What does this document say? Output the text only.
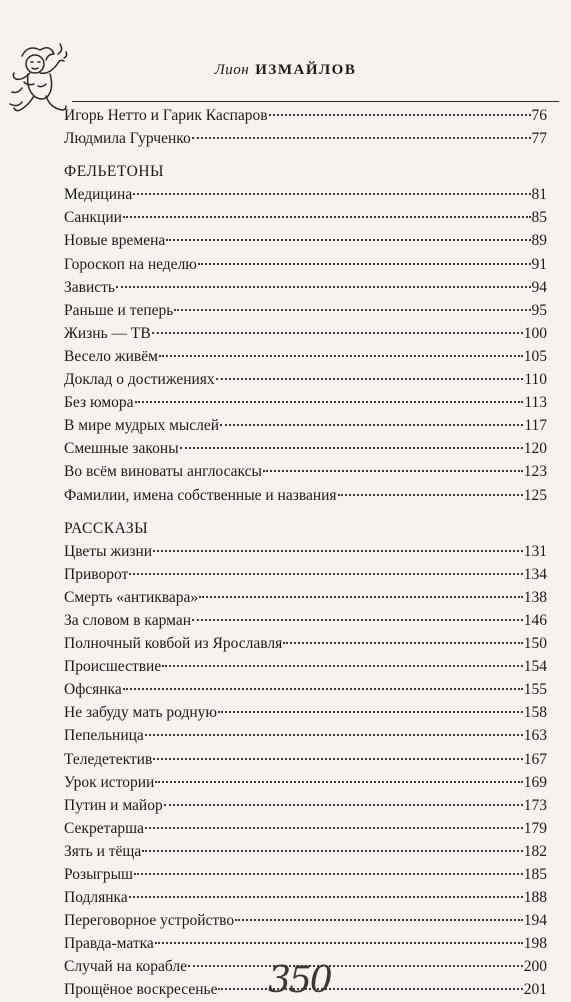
Лион ИЗМАЙЛОВ
Игорь Нетто и Гарик Каспаров	76
Людмила Гурченко	77
ФЕЛЬЕТОНЫ
Медицина	81
Санкции	85
Новые времена	89
Гороскоп на неделю	91
Зависть	94
Раньше и теперь	95
Жизнь — ТВ	100
Весело живём	105
Доклад о достижениях	110
Без юмора	113
В мире мудрых мыслей	117
Смешные законы	120
Во всём виноваты англосаксы	123
Фамилии, имена собственные и названия	125
РАССКАЗЫ
Цветы жизни	131
Приворот	134
Смерть «антиквара»	138
За словом в карман	146
Полночный ковбой из Ярославля	150
Происшествие	154
Офсянка	155
Не забуду мать родную	158
Пепельница	163
Теледетектив	167
Урок истории	169
Путин и майор	173
Секретарша	179
Зять и тёща	182
Розыгрыш	185
Подлянка	188
Переговорное устройство	194
Правда-матка	198
Случай на корабле	200
Прощёное воскресенье	201
350
